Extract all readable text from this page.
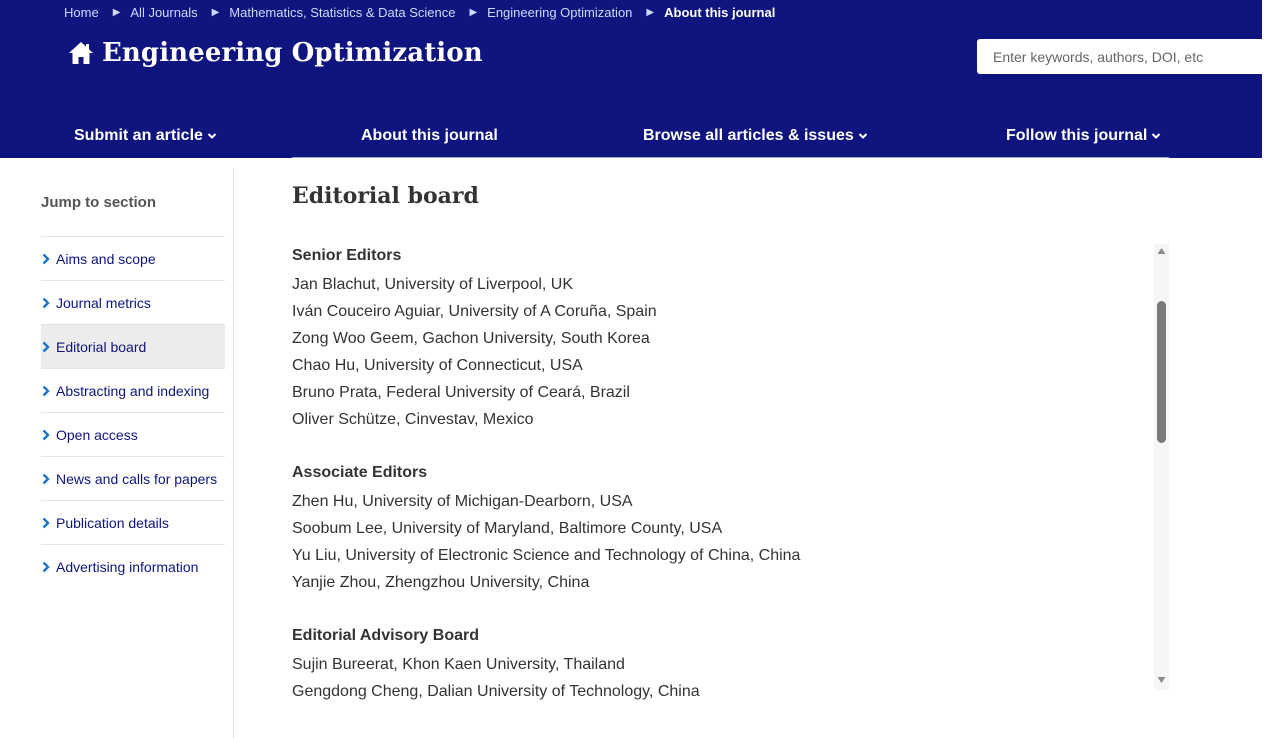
Home ▶ All Journals ▶ Mathematics, Statistics & Data Science ▶ Engineering Optimization ▶ About this journal
Engineering Optimization
Enter keywords, authors, DOI, etc
Submit an article	About this journal	Browse all articles & issues	Follow this journal
Jump to section
Aims and scope
Journal metrics
Editorial board
Abstracting and indexing
Open access
News and calls for papers
Publication details
Advertising information
Editorial board
Senior Editors
Jan Blachut, University of Liverpool, UK
Iván Couceiro Aguiar, University of A Coruña, Spain
Zong Woo Geem, Gachon University, South Korea
Chao Hu, University of Connecticut, USA
Bruno Prata, Federal University of Ceará, Brazil
Oliver Schütze, Cinvestav, Mexico
Associate Editors
Zhen Hu, University of Michigan-Dearborn, USA
Soobum Lee, University of Maryland, Baltimore County, USA
Yu Liu, University of Electronic Science and Technology of China, China
Yanjie Zhou, Zhengzhou University, China
Editorial Advisory Board
Sujin Bureerat, Khon Kaen University, Thailand
Gengdong Cheng, Dalian University of Technology, China
